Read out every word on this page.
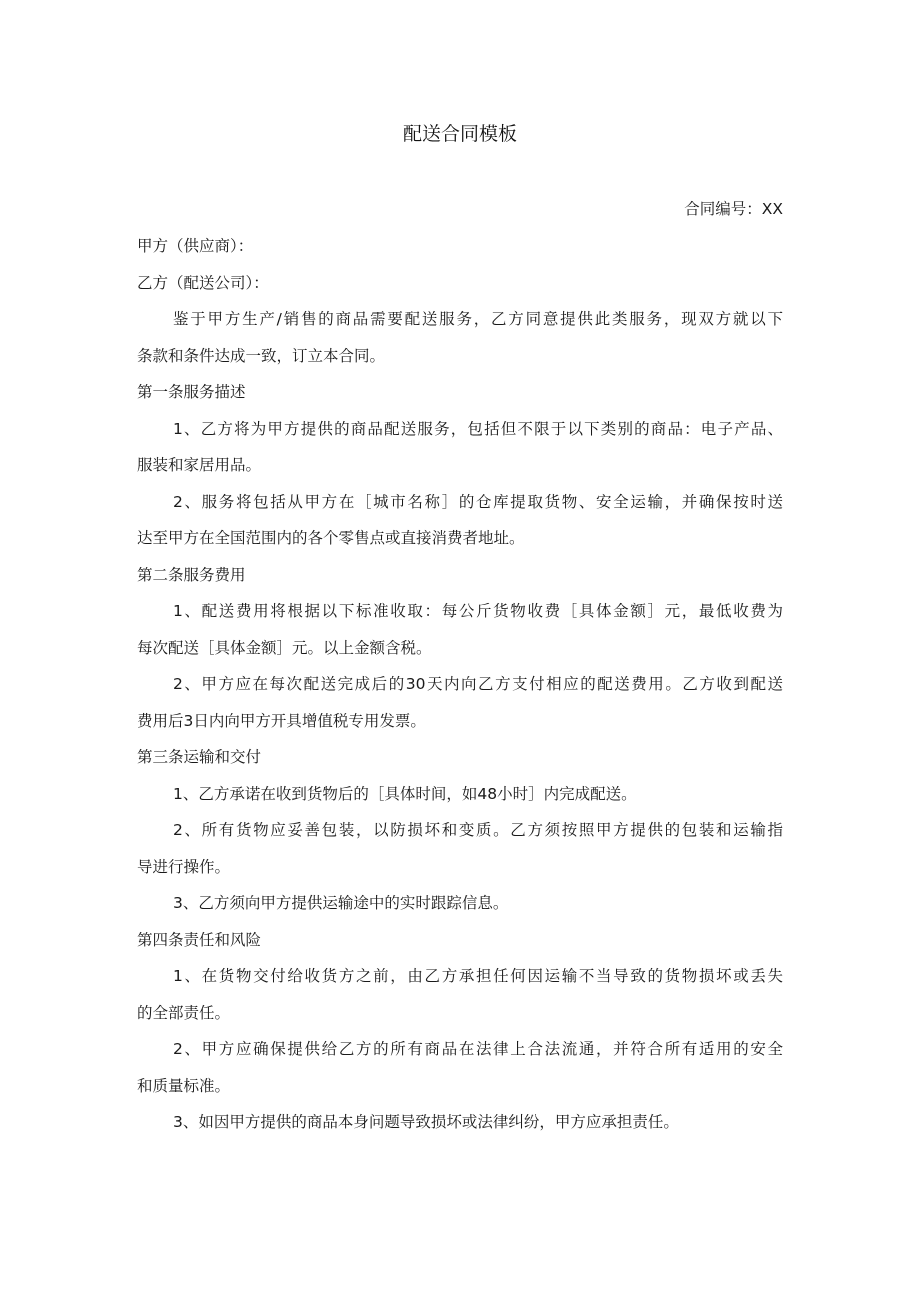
配送合同模板
合同编号：XX
甲方（供应商）：
乙方（配送公司）：
鉴于甲方生产/销售的商品需要配送服务，乙方同意提供此类服务，现双方就以下
条款和条件达成一致，订立本合同。
第一条服务描述
1、乙方将为甲方提供的商品配送服务，包括但不限于以下类别的商品：电子产品、
服装和家居用品。
2、服务将包括从甲方在［城市名称］的仓库提取货物、安全运输，并确保按时送
达至甲方在全国范围内的各个零售点或直接消费者地址。
第二条服务费用
1、配送费用将根据以下标准收取：每公斤货物收费［具体金额］元，最低收费为
每次配送［具体金额］元。以上金额含税。
2、甲方应在每次配送完成后的30天内向乙方支付相应的配送费用。乙方收到配送
费用后3日内向甲方开具增值税专用发票。
第三条运输和交付
1、乙方承诺在收到货物后的［具体时间，如48小时］内完成配送。
2、所有货物应妥善包装，以防损坏和变质。乙方须按照甲方提供的包装和运输指
导进行操作。
3、乙方须向甲方提供运输途中的实时跟踪信息。
第四条责任和风险
1、在货物交付给收货方之前，由乙方承担任何因运输不当导致的货物损坏或丢失
的全部责任。
2、甲方应确保提供给乙方的所有商品在法律上合法流通，并符合所有适用的安全
和质量标准。
3、如因甲方提供的商品本身问题导致损坏或法律纠纷，甲方应承担责任。
